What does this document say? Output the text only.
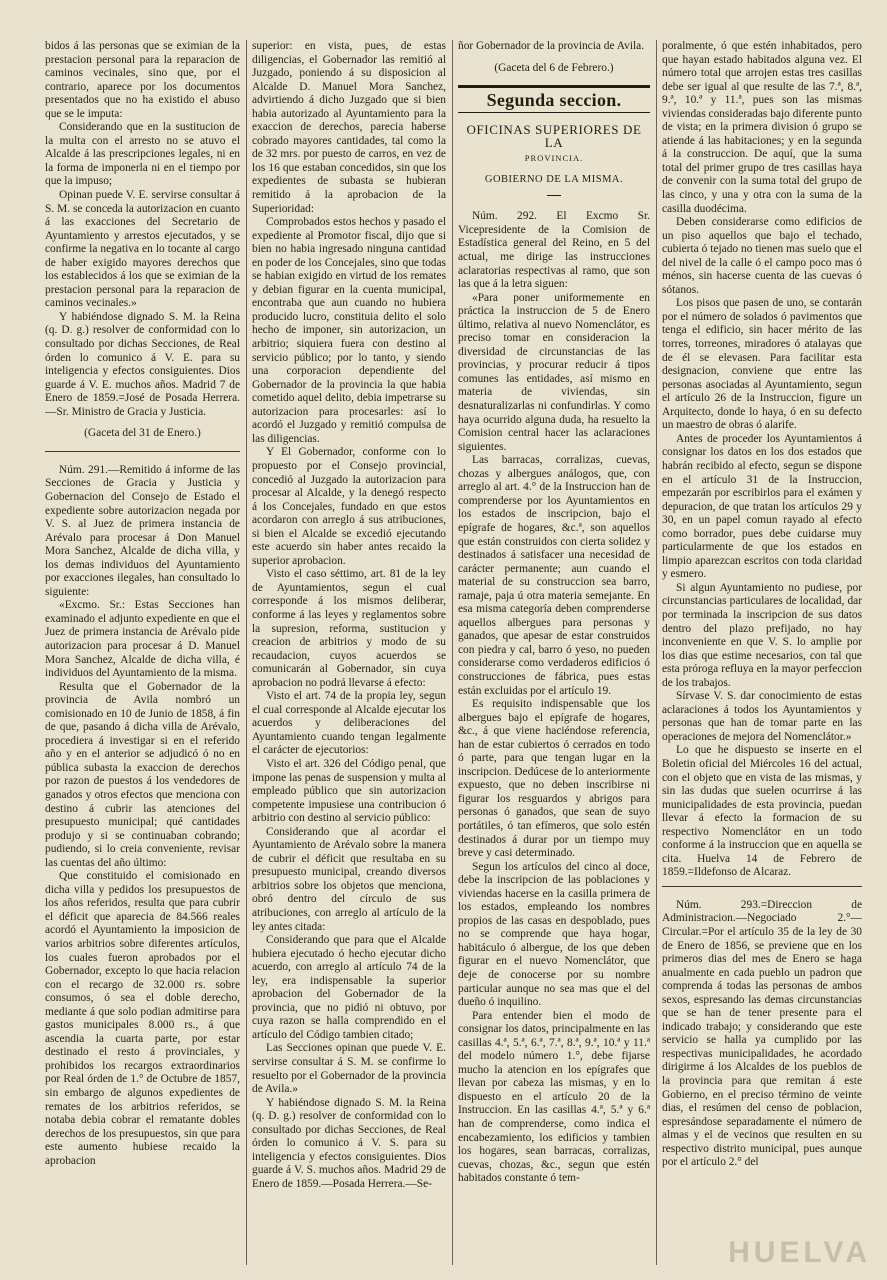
bidos á las personas que se eximian de la prestacion personal para la reparacion de caminos vecinales, sino que, por el contrario, aparece por los documentos presentados que no ha existido el abuso que se le imputa:

Considerando que en la sustitucion de la multa con el arresto no se atuvo el Alcalde á las prescripciones legales, ni en la forma de imponerla ni en el tiempo por que la impuso;

Opinan puede V. E. servirse consultar á S. M. se conceda la autorizacion en cuanto á las exacciones del Secretario de Ayuntamiento y arrestos ejecutados, y se confirme la negativa en lo tocante al cargo de haber exigido mayores derechos que los establecidos á los que se eximian de la prestacion personal para la reparacion de caminos vecinales.»

Y habiéndose dignado S. M. la Reina (q. D. g.) resolver de conformidad con lo consultado por dichas Secciones, de Real órden lo comunico á V. E. para su inteligencia y efectos consiguientes. Dios guarde á V. E. muchos años. Madrid 7 de Enero de 1859.=José de Posada Herrera.—Sr. Ministro de Gracia y Justicia.

(Gaceta del 31 de Enero.)

Núm. 291.—Remitido á informe de las Secciones de Gracia y Justicia y Gobernacion del Consejo de Estado el expediente sobre autorizacion negada por V. S. al Juez de primera instancia de Arévalo para procesar á Don Manuel Mora Sanchez, Alcalde de dicha villa, y los demas individuos del Ayuntamiento por exacciones ilegales, han consultado lo siguiente:

«Excmo. Sr.: Estas Secciones han examinado el adjunto expediente en que el Juez de primera instancia de Arévalo pide autorizacion para procesar á D. Manuel Mora Sanchez, Alcalde de dicha villa, é individuos del Ayuntamiento de la misma.

Resulta que el Gobernador de la provincia de Avila nombró un comisionado en 10 de Junio de 1858, á fin de que, pasando á dicha villa de Arévalo, procediera á investigar si en el referido año y en el anterior se adjudicó ó no en pública subasta la exaccion de derechos por razon de puestos á los vendedores de ganados y otros efectos que menciona con destino á cubrir las atenciones del presupuesto municipal; qué cantidades produjo y si se continuaban cobrando; pudiendo, si lo creia conveniente, revisar las cuentas del año último:

Que constituido el comisionado en dicha villa y pedidos los presupuestos de los años referidos, resulta que para cubrir el déficit que aparecia de 84.566 reales acordó el Ayuntamiento la imposicion de varios arbitrios sobre diferentes artículos, los cuales fueron aprobados por el Gobernador, excepto lo que hacia relacion con el recargo de 32.000 rs. sobre consumos, ó sea el doble derecho, mediante á que solo podian admitirse para gastos municipales 8.000 rs., á que ascendia la cuarta parte, por estar destinado el resto á provinciales, y prohibidos los recargos extraordinarios por Real órden de 1.° de Octubre de 1857, sin embargo de algunos expedientes de remates de los arbitrios referidos, se notaba debia cobrar el rematante dobles derechos de los presupuestos, sin que para este aumento hubiese recaido la aprobacion

superior: en vista, pues, de estas diligencias, el Gobernador las remitió al Juzgado, poniendo á su disposicion al Alcalde D. Manuel Mora Sanchez, advirtiendo á dicho Juzgado que si bien habia autorizado al Ayuntamiento para la exaccion de derechos, parecia haberse cobrado mayores cantidades, tal como la de 32 mrs. por puesto de carros, en vez de los 16 que estaban concedidos, sin que los expedientes de subasta se hubieran remitido á la aprobacion de la Superioridad:

Comprobados estos hechos y pasado el expediente al Promotor fiscal, dijo que si bien no habia ingresado ninguna cantidad en poder de los Concejales, sino que todas se habian exigido en virtud de los remates y debian figurar en la cuenta municipal, encontraba que aun cuando no hubiera producido lucro, constituia delito el solo hecho de imponer, sin autorizacion, un arbitrio; siquiera fuera con destino al servicio público; por lo tanto, y siendo una corporacion dependiente del Gobernador de la provincia la que habia cometido aquel delito, debia impetrarse su autorizacion para procesarles: así lo acordó el Juzgado y remitió compulsa de las diligencias.

Y El Gobernador, conforme con lo propuesto por el Consejo provincial, concedió al Juzgado la autorizacion para procesar al Alcalde, y la denegó respecto á los Concejales, fundado en que estos acordaron con arreglo á sus atribuciones, si bien el Alcalde se excedió ejecutando este acuerdo sin haber antes recaido la superior aprobacion.

Visto el caso séttimo, art. 81 de la ley de Ayuntamientos, segun el cual corresponde á los mismos deliberar, conforme á las leyes y reglamentos sobre la supresion, reforma, sustitucion y creacion de arbitrios y modo de su recaudacion, cuyos acuerdos se comunicarán al Gobernador, sin cuya aprobacion no podrá llevarse á efecto:

Visto el art. 74 de la propia ley, segun el cual corresponde al Alcalde ejecutar los acuerdos y deliberaciones del Ayuntamiento cuando tengan legalmente el carácter de ejecutorios:

Visto el art. 326 del Código penal, que impone las penas de suspension y multa al empleado público que sin autorizacion competente impusiese una contribucion ó arbitrio con destino al servicio público:

Considerando que al acordar el Ayuntamiento de Arévalo sobre la manera de cubrir el déficit que resultaba en su presupuesto municipal, creando diversos arbitrios sobre los objetos que menciona, obró dentro del círculo de sus atribuciones, con arreglo al artículo de la ley antes citada:

Considerando que para que el Alcalde hubiera ejecutado ó hecho ejecutar dicho acuerdo, con arreglo al artículo 74 de la ley, era indispensable la superior aprobacion del Gobernador de la provincia, que no pidió ni obtuvo, por cuya razon se halla comprendido en el artículo del Código tambien citado;

Las Secciones opinan que puede V. E. servirse consultar á S. M. se confirme lo resuelto por el Gobernador de la provincia de Avila.»

Y habiéndose dignado S. M. la Reina (q. D. g.) resolver de conformidad con lo consultado por dichas Secciones, de Real órden lo comunico á V. S. para su inteligencia y efectos consiguientes. Dios guarde á V. S. muchos años. Madrid 29 de Enero de 1859.—Posada Herrera.—Se-

ñor Gobernador de la provincia de Avila.

(Gaceta del 6 de Febrero.)

Segunda seccion.
OFICINAS SUPERIORES DE LA
PROVINCIA.
GOBIERNO DE LA MISMA.

Núm. 292. El Excmo Sr. Vicepresidente de la Comision de Estadística general del Reino, en 5 del actual, me dirige las instrucciones aclaratorias respectivas al ramo, que son las que á la letra siguen:

«Para poner uniformemente en práctica la instruccion de 5 de Enero último, relativa al nuevo Nomenclátor, es preciso tomar en consideracion la diversidad de circunstancias de las provincias, y procurar reducir á tipos comunes las entidades, así mismo en materia de viviendas, sin desnaturalizarlas ni confundirlas. Y como haya ocurrido alguna duda, ha resuelto la Comision central hacer las aclaraciones siguientes.

Las barracas, corralizas, cuevas, chozas y albergues análogos, que, con arreglo al art. 4.° de la Instruccion han de comprenderse por los Ayuntamientos en los estados de inscripcion, bajo el epígrafe de hogares, &c.ª, son aquellos que están construidos con cierta solidez y destinados á satisfacer una necesidad de carácter permanente; aun cuando el material de su construccion sea barro, ramaje, paja ú otra materia semejante. En esa misma categoría deben comprenderse aquellos albergues para personas y ganados, que apesar de estar construidos con piedra y cal, barro ó yeso, no pueden considerarse como verdaderos edificios ó construcciones de fábrica, pues estas están excluidas por el artículo 19.

Es requisito indispensable que los albergues bajo el epígrafe de hogares, &c., á que viene haciéndose referencia, han de estar cubiertos ó cerrados en todo ó parte, para que tengan lugar en la inscripcion. Dedúcese de lo anteriormente expuesto, que no deben inscribirse ni figurar los resguardos y abrigos para personas ó ganados, que sean de suyo portátiles, ó tan efímeros, que solo estén destinados á durar por un tiempo muy breve y casi determinado.

Segun los artículos del cinco al doce, debe la inscripcion de las poblaciones y viviendas hacerse en la casilla primera de los estados, empleando los nombres propios de las casas en despoblado, pues no se comprende que haya hogar, habitáculo ó albergue, de los que deben figurar en el nuevo Nomenclátor, que deje de conocerse por su nombre particular aunque no sea mas que el del dueño ó inquilino.

Para entender bien el modo de consignar los datos, principalmente en las casillas 4.ª, 5.ª, 6.ª, 7.ª, 8.ª, 9.ª, 10.ª y 11.ª del modelo número 1.°, debe fijarse mucho la atencion en los epígrafes que llevan por cabeza las mismas, y en lo dispuesto en el artículo 20 de la Instruccion. En las casillas 4.ª, 5.ª y 6.ª han de comprenderse, como indica el encabezamiento, los edificios y tambien los hogares, sean barracas, corralizas, cuevas, chozas, &c., segun que estén habitados constante ó tem-

poralmente, ó que estén inhabitados, pero que hayan estado habitados alguna vez. El número total que arrojen estas tres casillas debe ser igual al que resulte de las 7.ª, 8.ª, 9.ª, 10.ª y 11.ª, pues son las mismas viviendas consideradas bajo diferente punto de vista; en la primera division ó grupo se atiende á las habitaciones; y en la segunda á la construccion. De aquí, que la suma total del primer grupo de tres casillas haya de convenir con la suma total del grupo de las cinco, y una y otra con la suma de la casilla duodécima.

Deben considerarse como edificios de un piso aquellos que bajo el techado, cubierta ó tejado no tienen mas suelo que el del nivel de la calle ó el campo poco mas ó ménos, sin hacerse cuenta de las cuevas ó sótanos.

Los pisos que pasen de uno, se contarán por el número de solados ó pavimentos que tenga el edificio, sin hacer mérito de las torres, torreones, miradores ó atalayas que de él se elevasen. Para facilitar esta designacion, conviene que entre las personas asociadas al Ayuntamiento, segun el artículo 26 de la Instruccion, figure un Arquitecto, donde lo haya, ó en su defecto un maestro de obras ó alarife.

Antes de proceder los Ayuntamientos á consignar los datos en los dos estados que habrán recibido al efecto, segun se dispone en el artículo 31 de la Instruccion, empezarán por escribirlos para el exámen y depuracion, de que tratan los artículos 29 y 30, en un papel comun rayado al efecto como borrador, pues debe cuidarse muy particularmente de que los estados en limpio aparezcan escritos con toda claridad y esmero.

Si algun Ayuntamiento no pudiese, por circunstancias particulares de localidad, dar por terminada la inscripcion de sus datos dentro del plazo prefijado, no hay inconveniente en que V. S. lo amplie por los dias que estime necesarios, con tal que esta próroga refluya en la mayor perfeccion de los trabajos.

Sírvase V. S. dar conocimiento de estas aclaraciones á todos los Ayuntamientos y personas que han de tomar parte en las operaciones de mejora del Nomenclátor.»

Lo que he dispuesto se inserte en el Boletin oficial del Miércoles 16 del actual, con el objeto que en vista de las mismas, y sin las dudas que suelen ocurrirse á las municipalidades de esta provincia, puedan llevar á efecto la formacion de su respectivo Nomenclátor en un todo conforme á la instruccion que en aquella se cita. Huelva 14 de Febrero de 1859.=Ildefonso de Alcaraz.

Núm. 293.=Direccion de Administracion.—Negociado 2.°—Circular.=Por el artículo 35 de la ley de 30 de Enero de 1856, se previene que en los primeros dias del mes de Enero se haga anualmente en cada pueblo un padron que comprenda á todas las personas de ambos sexos, espresando las demas circunstancias que se han de tener presente para el indicado trabajo; y considerando que este servicio se halla ya cumplido por las respectivas municipalidades, he acordado dirigirme á los Alcaldes de los pueblos de la provincia para que remitan á este Gobierno, en el preciso término de veinte dias, el resúmen del censo de poblacion, espresándose separadamente el número de almas y el de vecinos que resulten en su respectivo distrito municipal, pues aunque por el artículo 2.° del

HUELVA
